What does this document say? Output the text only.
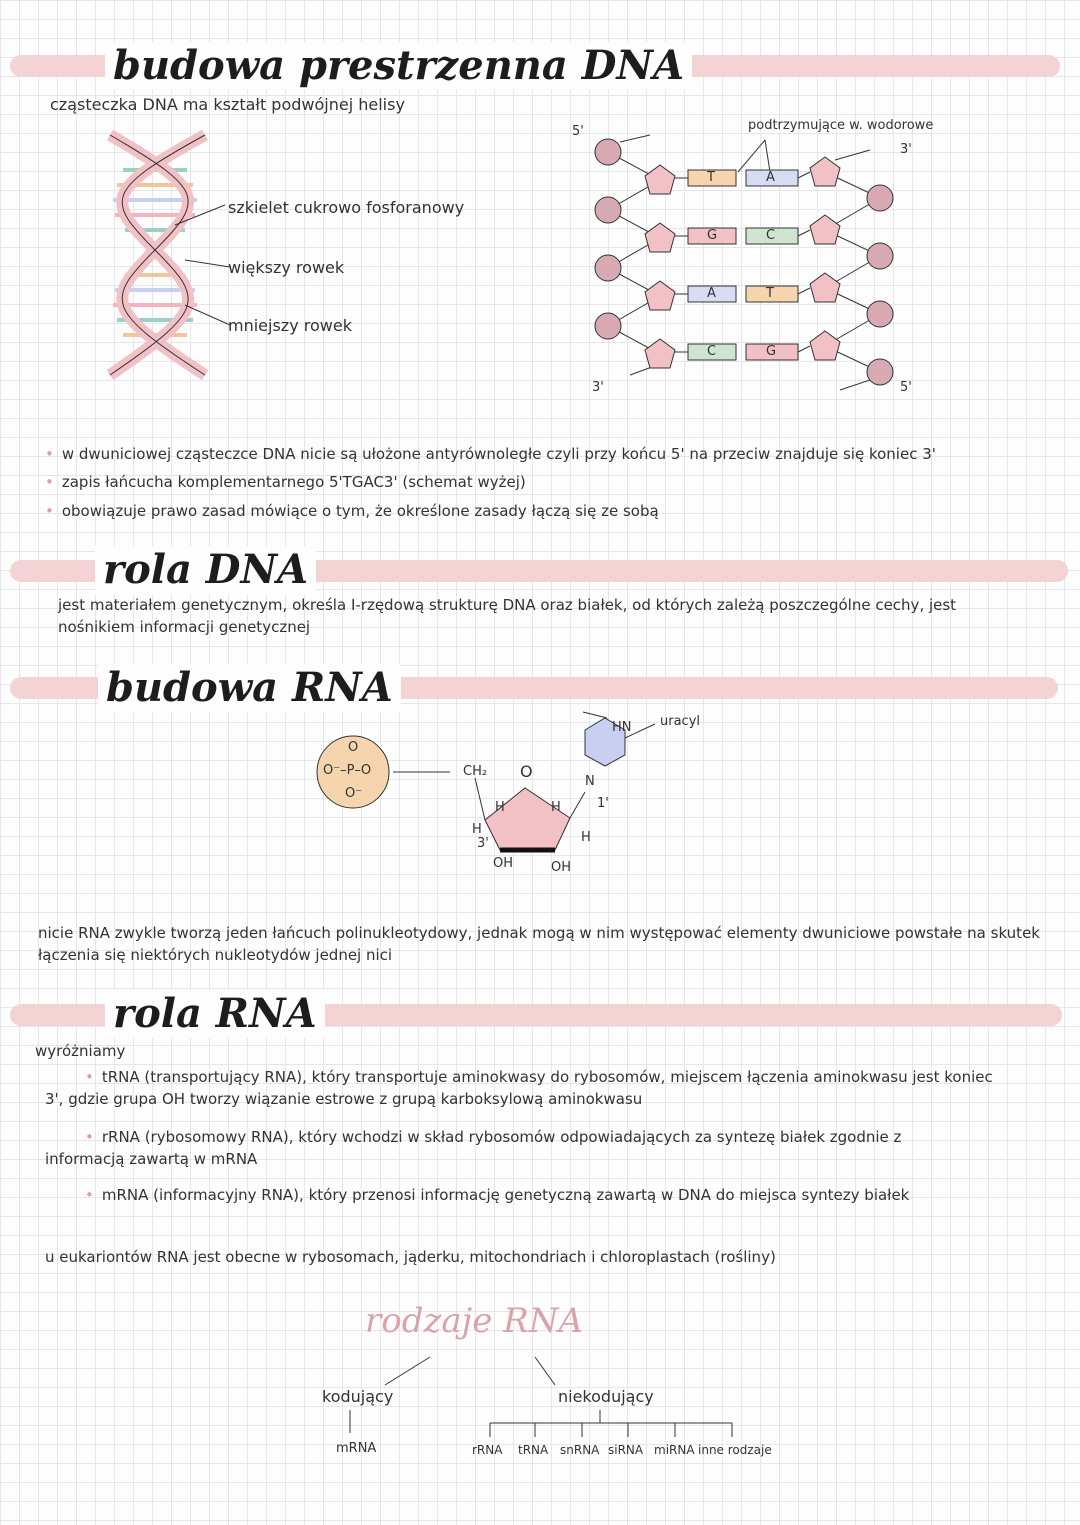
budowa prestrzenna DNA
cząsteczka DNA ma kształt podwójnej helisy
szkielet cukrowo fosforanowy
większy rowek
mniejszy rowek
5'
3'
3'	5'
podtrzymujące w. wodorowe
T	A
G	C
A	T
C	G
• w dwuniciowej cząsteczce DNA nicie są ułożone antyrównoległe czyli przy końcu 5' na przeciw znajduje się koniec 3'
• zapis łańcucha komplementarnego 5'TGAC3' (schemat wyżej)
• obowiązuje prawo zasad mówiące o tym, że określone zasady łączą się ze sobą
rola DNA
jest materiałem genetycznym, określa I-rzędową strukturę DNA oraz białek, od których zależą poszczególne cechy, jest nośnikiem informacji genetycznej
budowa RNA
O
O⁻–P–O
O⁻
CH₂ O
N
HN
1'
3'
H	H
H
H
OH	OH
uracyl
nicie RNA zwykle tworzą jeden łańcuch polinukleotydowy, jednak mogą w nim występować elementy dwuniciowe powstałe na skutek łączenia się niektórych nukleotydów jednej nici
rola RNA
wyróżniamy
• tRNA (transportujący RNA), który transportuje aminokwasy do rybosomów, miejscem łączenia aminokwasu jest koniec 3', gdzie grupa OH tworzy wiązanie estrowe z grupą karboksylową aminokwasu
• rRNA (rybosomowy RNA), który wchodzi w skład rybosomów odpowiadających za syntezę białek zgodnie z informacją zawartą w mRNA
• mRNA (informacyjny RNA), który przenosi informację genetyczną zawartą w DNA do miejsca syntezy białek
u eukariontów RNA jest obecne w rybosomach, jąderku, mitochondriach i chloroplastach (rośliny)
rodzaje RNA
kodujący
mRNA
niekodujący
rRNA tRNA snRNA siRNA miRNA inne rodzaje
